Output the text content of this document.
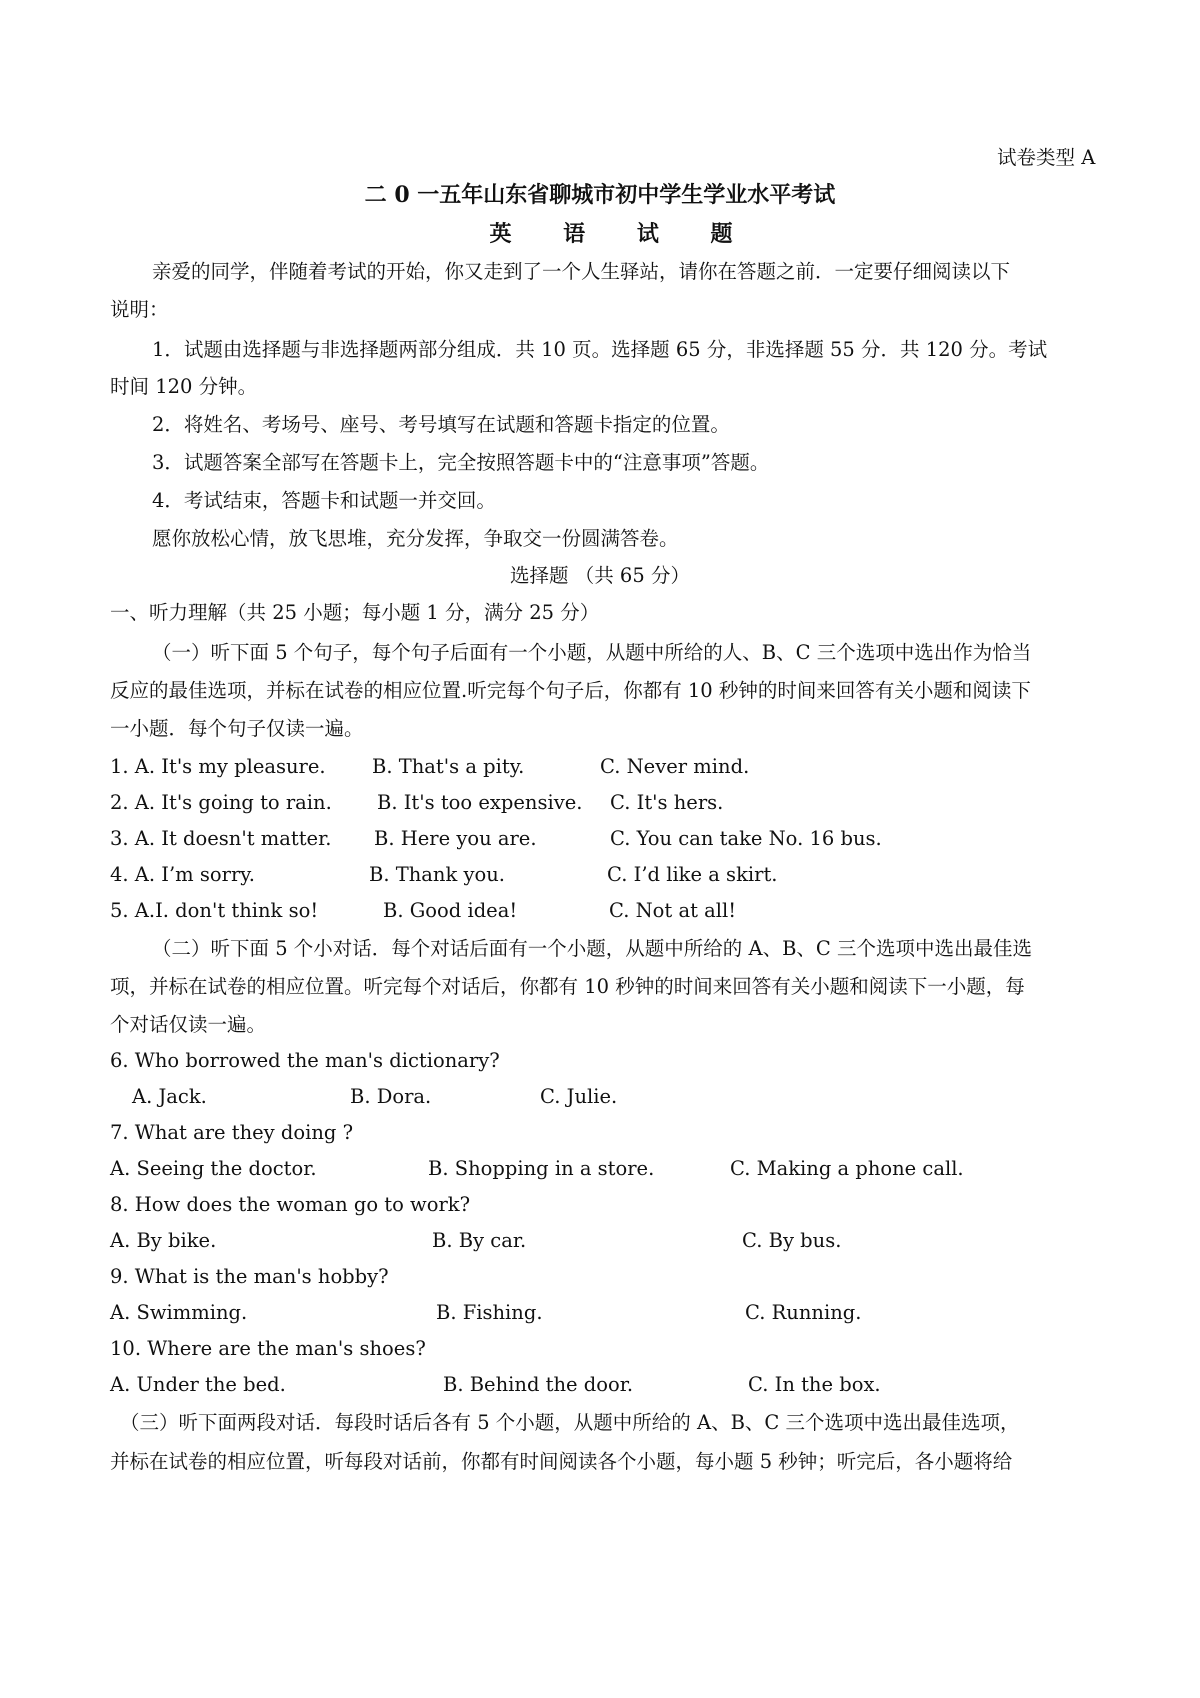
试卷类型 A
二 0 一五年山东省聊城市初中学生学业水平考试
英 语 试 题
亲爱的同学，伴随着考试的开始，你又走到了一个人生驿站，请你在答题之前．一定要仔细阅读以下
说明：
1．试题由选择题与非选择题两部分组成．共 10 页。选择题 65 分，非选择题 55 分．共 120 分。考试
时间 120 分钟。
2．将姓名、考场号、座号、考号填写在试题和答题卡指定的位置。
3．试题答案全部写在答题卡上，完全按照答题卡中的“注意事项”答题。
4．考试结束，答题卡和试题一并交回。
愿你放松心情，放飞思堆，充分发挥，争取交一份圆满答卷。
选择题 （共 65 分）
一、听力理解（共 25 小题；每小题 1 分，满分 25 分）
（一）听下面 5 个句子，每个句子后面有一个小题，从题中所给的人、B、C 三个选项中选出作为恰当
反应的最佳选项，并标在试卷的相应位置.听完每个句子后，你都有 10 秒钟的时间来回答有关小题和阅读下
一小题．每个句子仅读一遍。
1. A. It's my pleasure. B. That's a pity.	C. Never mind.
2. A. It's going to rain. B. It's too expensive. C. It's hers.
3. A. It doesn't matter. B. Here you are.	C. You can take No. 16 bus.
4. A. I’m sorry.	B. Thank you.	C. I’d like a skirt.
5. A.I. don't think so!	B. Good idea!	C. Not at all!
（二）听下面 5 个小对话．每个对话后面有一个小题，从题中所给的 A、B、C 三个选项中选出最佳选
项，并标在试卷的相应位置。听完每个对话后，你都有 10 秒钟的时间来回答有关小题和阅读下一小题，每
个对话仅读一遍。
6. Who borrowed the man's dictionary?
A. Jack.	B. Dora.	C. Julie.
7. What are they doing ?
A. Seeing the doctor.	B. Shopping in a store.	C. Making a phone call.
8. How does the woman go to work?
A. By bike.	B. By car.	C. By bus.
9. What is the man's hobby?
A. Swimming.	B. Fishing.	C. Running.
10. Where are the man's shoes?
A. Under the bed.	B. Behind the door.	C. In the box.
（三）听下面两段对话．每段时话后各有 5 个小题，从题中所给的 A、B、C 三个选项中选出最佳选项，
并标在试卷的相应位置，听每段对话前，你都有时间阅读各个小题，每小题 5 秒钟；听完后，各小题将给
